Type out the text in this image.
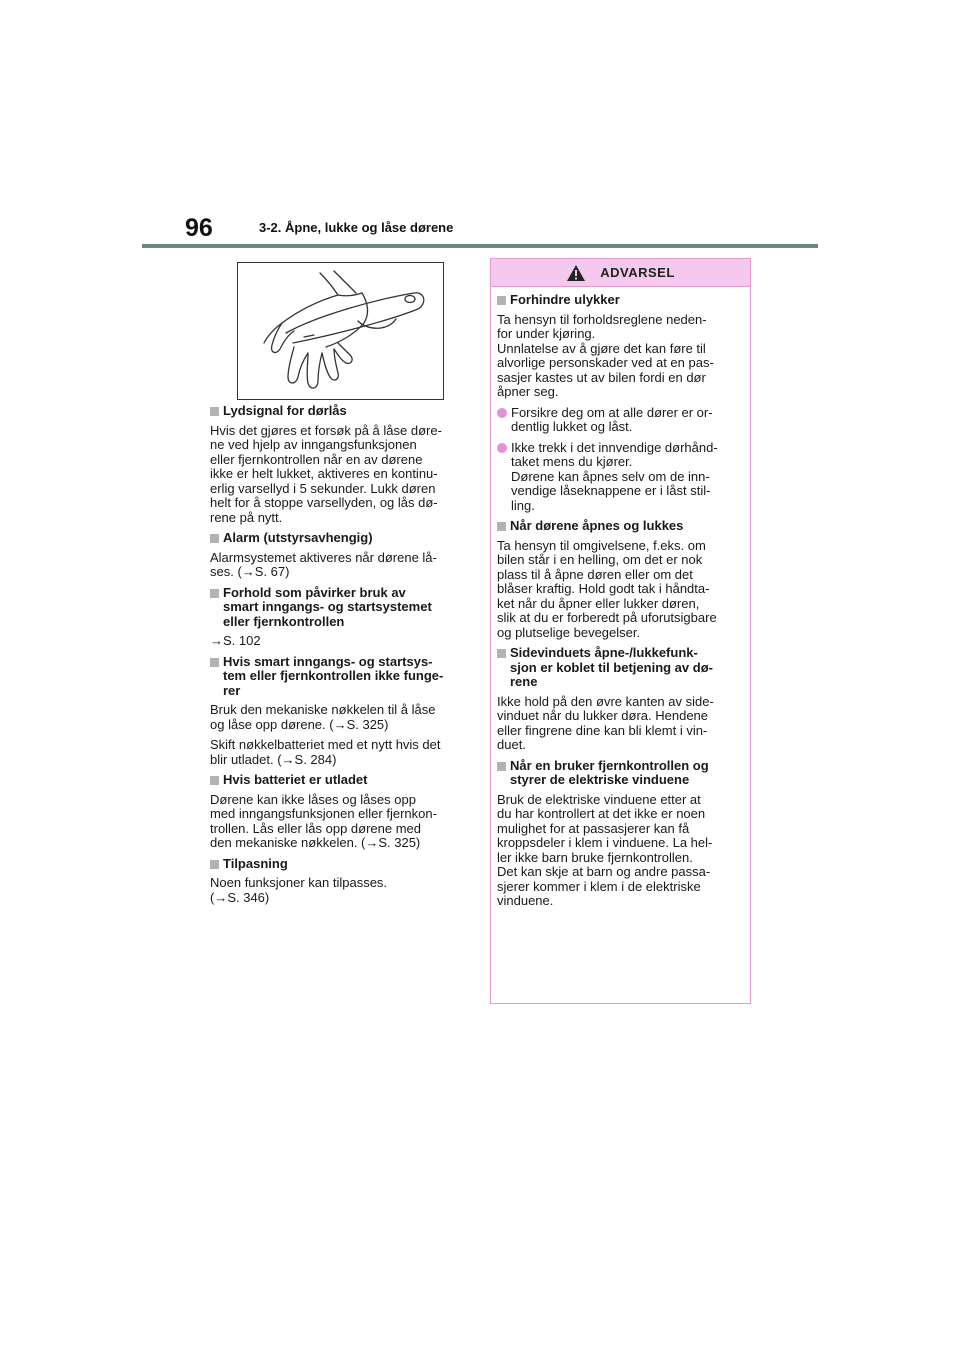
96	3-2. Åpne, lukke og låse dørene
Lydsignal for dørlås
Hvis det gjøres et forsøk på å låse døre-
ne ved hjelp av inngangsfunksjonen
eller fjernkontrollen når en av dørene
ikke er helt lukket, aktiveres en kontinu-
erlig varsellyd i 5 sekunder. Lukk døren
helt for å stoppe varsellyden, og lås dø-
rene på nytt.
Alarm (utstyrsavhengig)
Alarmsystemet aktiveres når dørene lå-
ses. (→S. 67)
Forhold som påvirker bruk av
smart inngangs- og startsystemet
eller fjernkontrollen
→S. 102
Hvis smart inngangs- og startsys-
tem eller fjernkontrollen ikke funge-
rer
Bruk den mekaniske nøkkelen til å låse
og låse opp dørene. (→S. 325)
Skift nøkkelbatteriet med et nytt hvis det
blir utladet. (→S. 284)
Hvis batteriet er utladet
Dørene kan ikke låses og låses opp
med inngangsfunksjonen eller fjernkon-
trollen. Lås eller lås opp dørene med
den mekaniske nøkkelen. (→S. 325)
Tilpasning
Noen funksjoner kan tilpasses.
(→S. 346)
ADVARSEL
Forhindre ulykker
Ta hensyn til forholdsreglene neden-
for under kjøring.
Unnlatelse av å gjøre det kan føre til
alvorlige personskader ved at en pas-
sasjer kastes ut av bilen fordi en dør
åpner seg.
Forsikre deg om at alle dører er or-
dentlig lukket og låst.
Ikke trekk i det innvendige dørhånd-
taket mens du kjører.
Dørene kan åpnes selv om de inn-
vendige låseknappene er i låst stil-
ling.
Når dørene åpnes og lukkes
Ta hensyn til omgivelsene, f.eks. om
bilen står i en helling, om det er nok
plass til å åpne døren eller om det
blåser kraftig. Hold godt tak i håndta-
ket når du åpner eller lukker døren,
slik at du er forberedt på uforutsigbare
og plutselige bevegelser.
Sidevinduets åpne-/lukkefunk-
sjon er koblet til betjening av dø-
rene
Ikke hold på den øvre kanten av side-
vinduet når du lukker døra. Hendene
eller fingrene dine kan bli klemt i vin-
duet.
Når en bruker fjernkontrollen og
styrer de elektriske vinduene
Bruk de elektriske vinduene etter at
du har kontrollert at det ikke er noen
mulighet for at passasjerer kan få
kroppsdeler i klem i vinduene. La hel-
ler ikke barn bruke fjernkontrollen.
Det kan skje at barn og andre passa-
sjerer kommer i klem i de elektriske
vinduene.
